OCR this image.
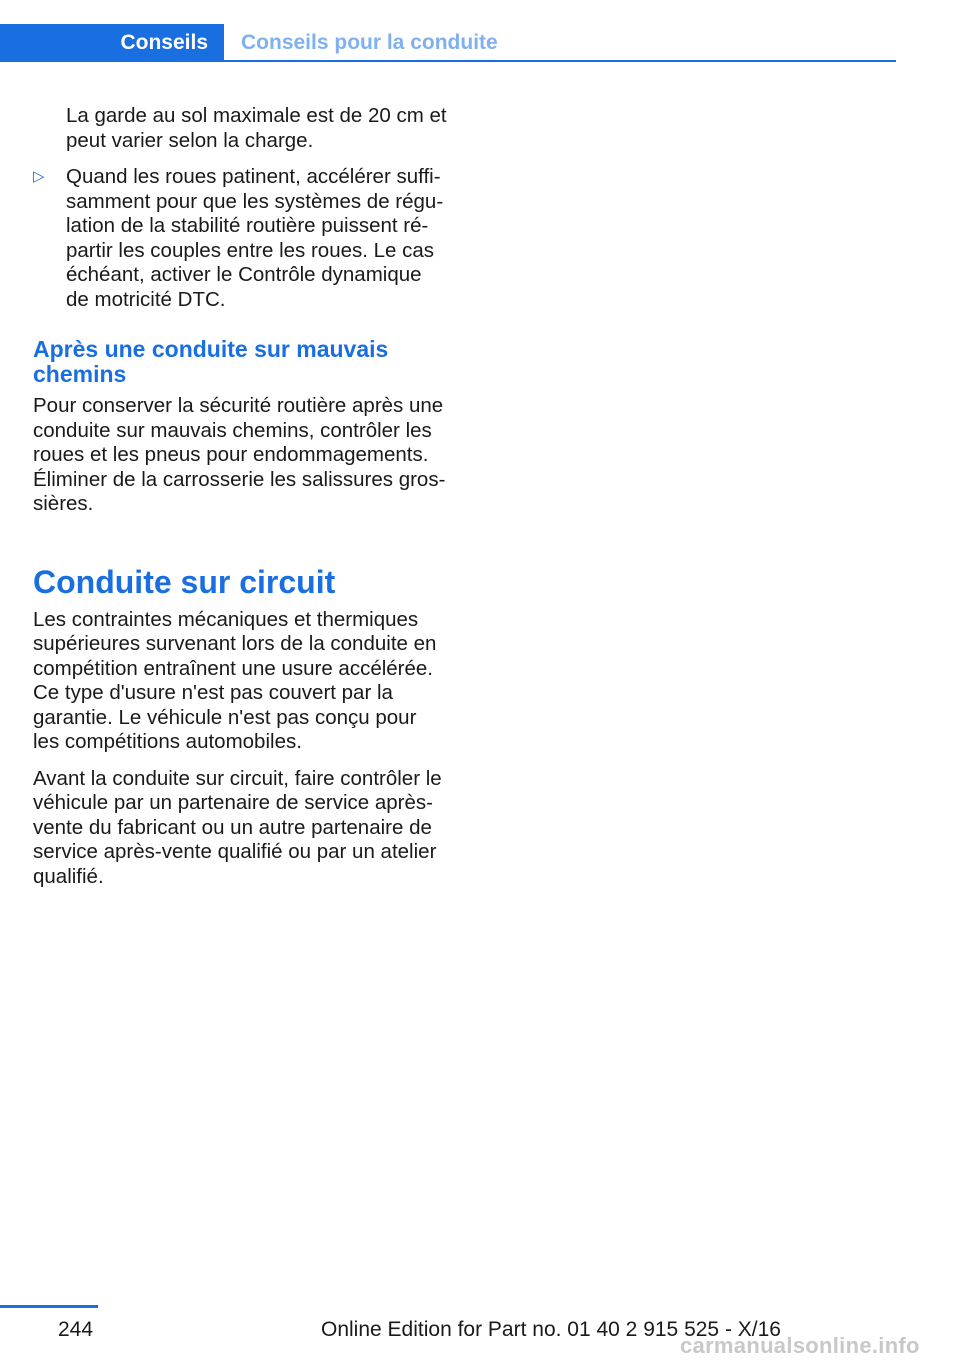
Conseils Conseils pour la conduite

La garde au sol maximale est de 20 cm et peut varier selon la charge.

▷ Quand les roues patinent, accélérer suffisamment pour que les systèmes de régulation de la stabilité routière puissent répartir les couples entre les roues. Le cas échéant, activer le Contrôle dynamique de motricité DTC.

Après une conduite sur mauvais chemins

Pour conserver la sécurité routière après une conduite sur mauvais chemins, contrôler les roues et les pneus pour endommagements. Éliminer de la carrosserie les salissures grossières.

Conduite sur circuit

Les contraintes mécaniques et thermiques supérieures survenant lors de la conduite en compétition entraînent une usure accélérée. Ce type d'usure n'est pas couvert par la garantie. Le véhicule n'est pas conçu pour les compétitions automobiles.

Avant la conduite sur circuit, faire contrôler le véhicule par un partenaire de service après-vente du fabricant ou un autre partenaire de service après-vente qualifié ou par un atelier qualifié.

244	Online Edition for Part no. 01 40 2 915 525 - X/16
carmanualsonline.info
